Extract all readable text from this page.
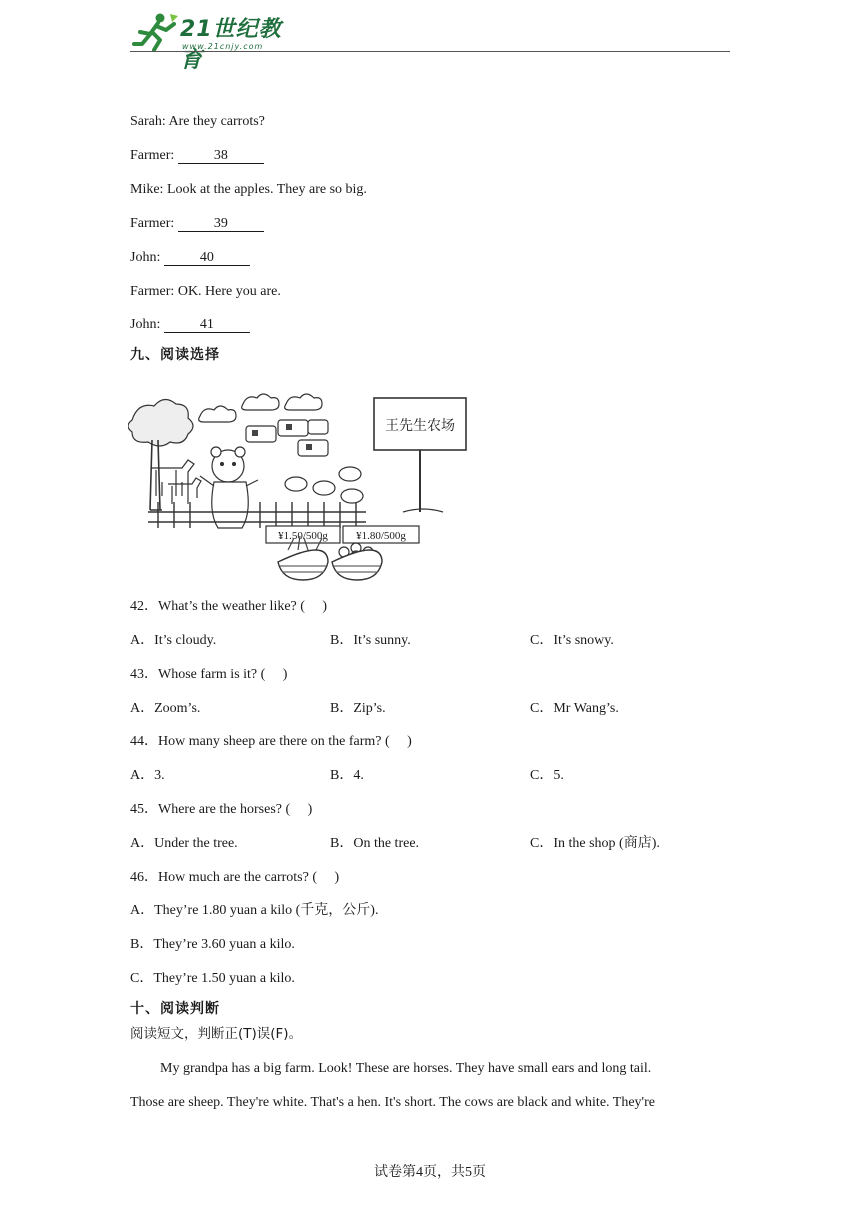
21世纪教育
www.21cnjy.com
Sarah: Are they carrots?
Farmer:	38
Mike: Look at the apples. They are so big.
Farmer:	39
John:	40
Farmer: OK. Here you are.
John:	41
九、阅读选择
王先生农场
¥1.50/500g	¥1.80/500g
42．What’s the weather like? (　 )
A．It’s cloudy.	B．It’s sunny.	C．It’s snowy.
43．Whose farm is it? (　 )
A．Zoom’s.	B．Zip’s.	C．Mr Wang’s.
44．How many sheep are there on the farm? (　 )
A．3.	B．4.	C．5.
45．Where are the horses? (　 )
A．Under the tree.	B．On the tree.	C．In the shop (商店).
46．How much are the carrots? (　 )
A．They’re 1.80 yuan a kilo (千克，公斤).
B．They’re 3.60 yuan a kilo.
C．They’re 1.50 yuan a kilo.
十、阅读判断
阅读短文，判断正(T)误(F)。
My grandpa has a big farm. Look! These are horses. They have small ears and long tail.
Those are sheep. They're white. That's a hen. It's short. The cows are black and white. They're
试卷第4页，共5页
